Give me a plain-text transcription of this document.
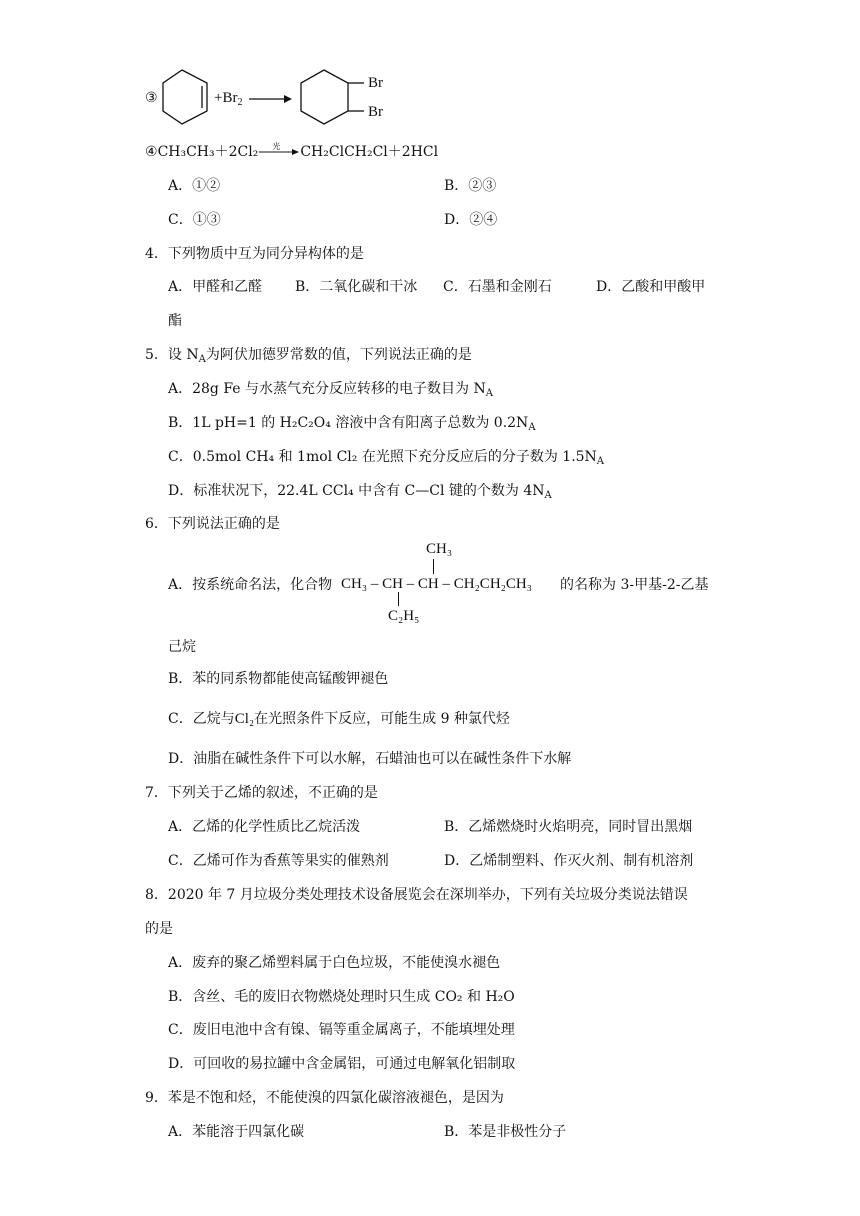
③	$+Br_2$ →
Br
Br
④CH₃CH₃＋2Cl₂ 光 CH₂ClCH₂Cl＋2HCl
A．①②	B．②③
C．①③	D．②④
4．下列物质中互为同分异构体的是
A．甲醛和乙醛 B．二氧化碳和干冰 C．石墨和金刚石	D．乙酸和甲酸甲
酯
5．设 $N_A$为阿伏加德罗常数的值，下列说法正确的是
A．28g Fe 与水蒸气充分反应转移的电子数目为 $N_A$
B．1L pH=1 的 H₂C₂O₄ 溶液中含有阳离子总数为 $0.2N_A$
C．0.5mol CH₄ 和 1mol Cl₂ 在光照下充分反应后的分子数为 $1.5N_A$
D．标准状况下，22.4L CCl₄ 中含有 C—Cl 键的个数为 $4N_A$
6．下列说法正确的是
A．按系统命名法，化合物
CH₃
CH₃ – CH – CH – CH₂CH₂CH₃
C₂H₅
的名称为 3-甲基-2-乙基
己烷
B．苯的同系物都能使高锰酸钾褪色
C．乙烷与Cl₂在光照条件下反应，可能生成 9 种氯代烃
D．油脂在碱性条件下可以水解，石蜡油也可以在碱性条件下水解
7．下列关于乙烯的叙述，不正确的是
A．乙烯的化学性质比乙烷活泼	B．乙烯燃烧时火焰明亮，同时冒出黑烟
C．乙烯可作为香蕉等果实的催熟剂	D．乙烯制塑料、作灭火剂、制有机溶剂
8．2020 年 7 月垃圾分类处理技术设备展览会在深圳举办，下列有关垃圾分类说法错误
的是
A．废弃的聚乙烯塑料属于白色垃圾，不能使溴水褪色
B．含丝、毛的废旧衣物燃烧处理时只生成 CO₂ 和 H₂O
C．废旧电池中含有镍、镉等重金属离子，不能填埋处理
D．可回收的易拉罐中含金属铝，可通过电解氧化铝制取
9．苯是不饱和烃，不能使溴的四氯化碳溶液褪色，是因为
A．苯能溶于四氯化碳	B．苯是非极性分子
